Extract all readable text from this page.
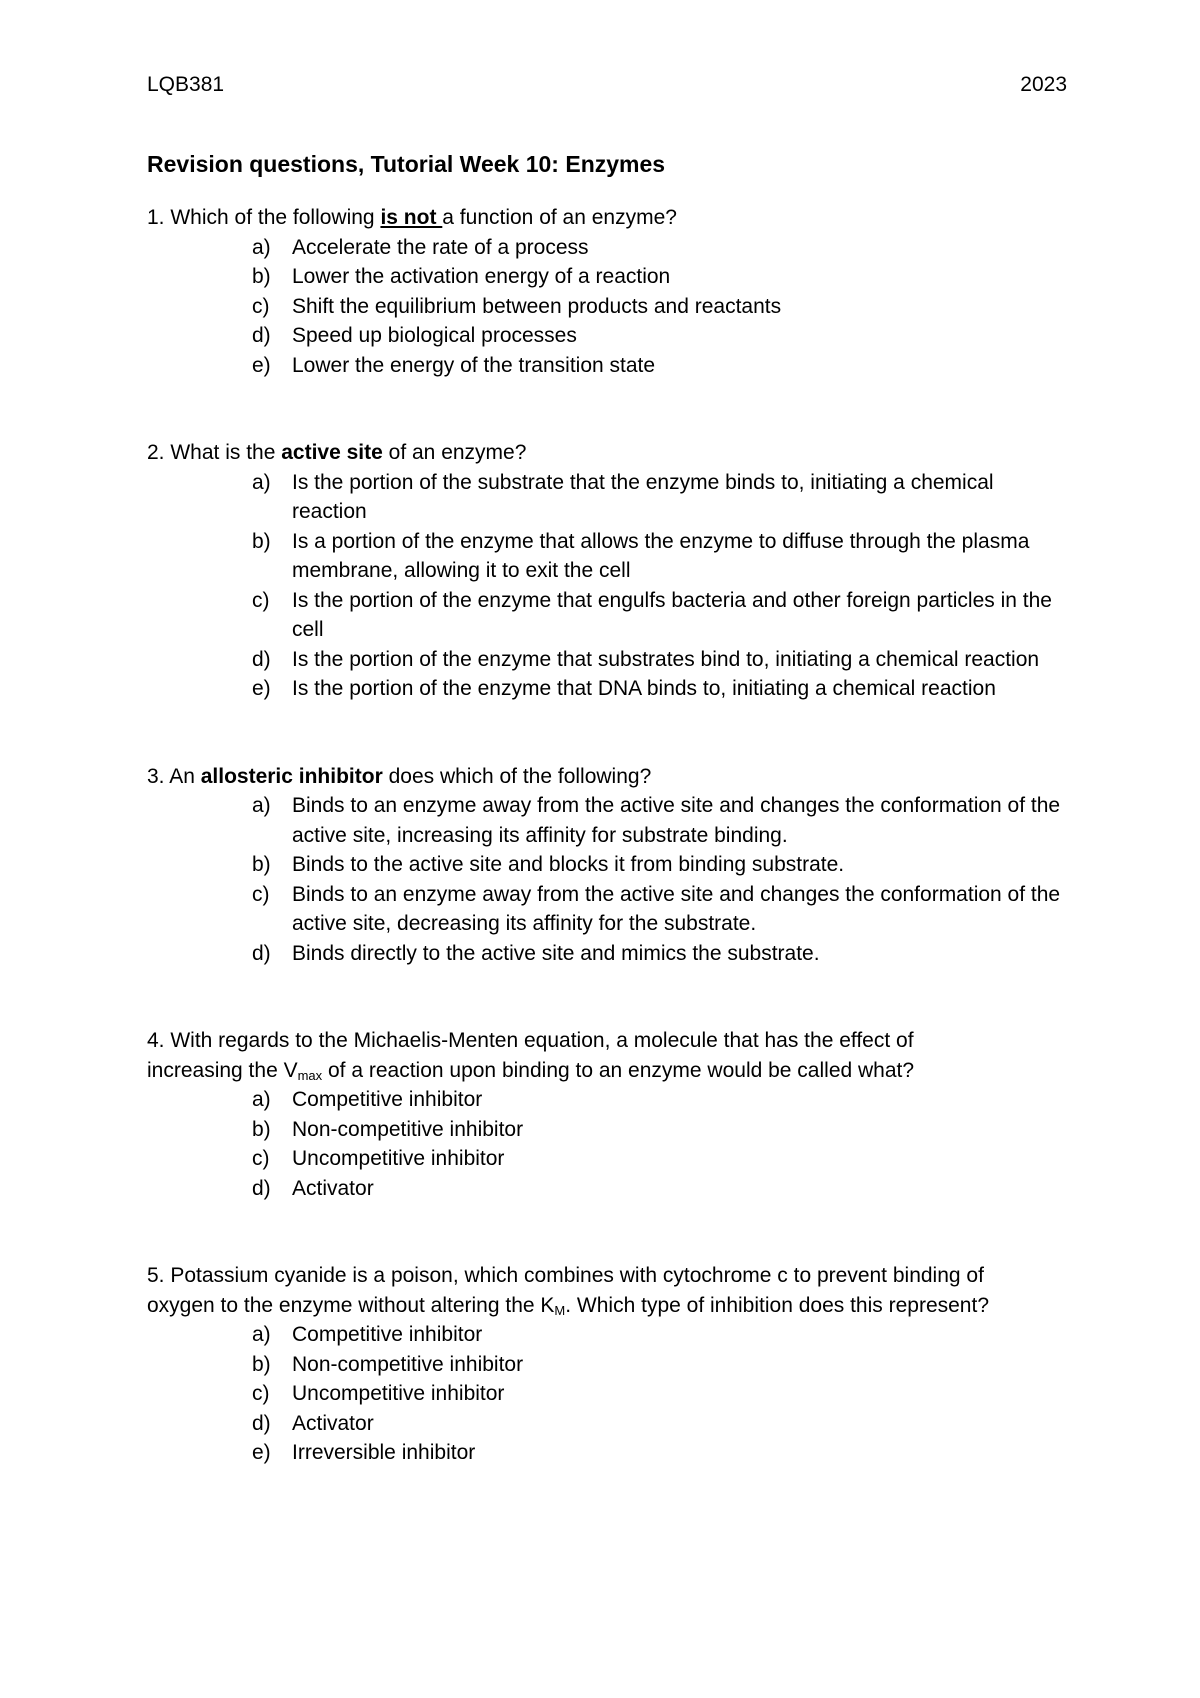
LQB381	2023
Revision questions, Tutorial Week 10: Enzymes

1. Which of the following is not a function of an enzyme?

a) Accelerate the rate of a process
b) Lower the activation energy of a reaction
c) Shift the equilibrium between products and reactants
d) Speed up biological processes
e) Lower the energy of the transition state

2. What is the active site of an enzyme?

a) Is the portion of the substrate that the enzyme binds to, initiating a chemical reaction
b) Is a portion of the enzyme that allows the enzyme to diffuse through the plasma membrane, allowing it to exit the cell
c) Is the portion of the enzyme that engulfs bacteria and other foreign particles in the cell
d) Is the portion of the enzyme that substrates bind to, initiating a chemical reaction
e) Is the portion of the enzyme that DNA binds to, initiating a chemical reaction

3. An allosteric inhibitor does which of the following?

a) Binds to an enzyme away from the active site and changes the conformation of the active site, increasing its affinity for substrate binding.
b) Binds to the active site and blocks it from binding substrate.
c) Binds to an enzyme away from the active site and changes the conformation of the active site, decreasing its affinity for the substrate.
d) Binds directly to the active site and mimics the substrate.

4. With regards to the Michaelis-Menten equation, a molecule that has the effect of
increasing the $V_{max}$ of a reaction upon binding to an enzyme would be called what?

a) Competitive inhibitor
b) Non-competitive inhibitor
c) Uncompetitive inhibitor
d) Activator

5. Potassium cyanide is a poison, which combines with cytochrome c to prevent binding of
oxygen to the enzyme without altering the $K_M$. Which type of inhibition does this represent?

a) Competitive inhibitor
b) Non-competitive inhibitor
c) Uncompetitive inhibitor
d) Activator
e) Irreversible inhibitor
